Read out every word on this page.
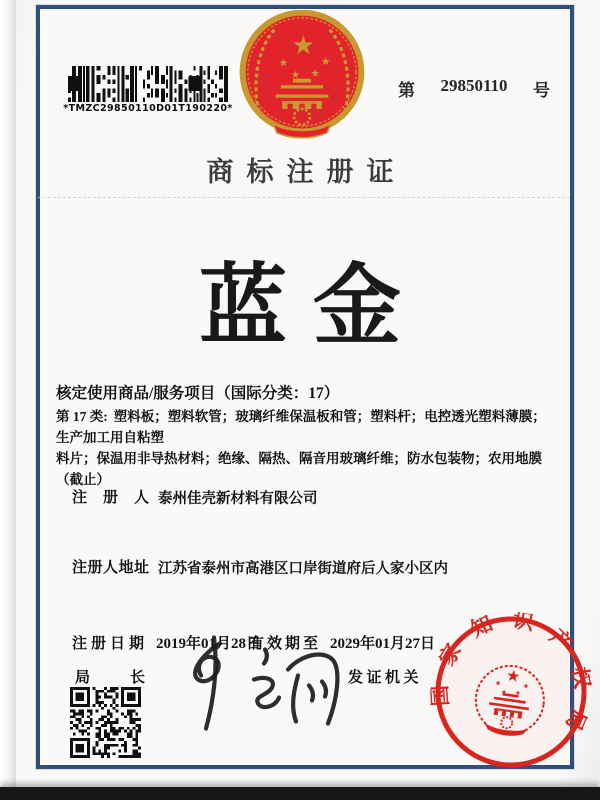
*TMZC29850110D01T190220*
第 29850110 号
商标注册证
蓝金
核定使用商品/服务项目（国际分类：17）
第 17 类: 塑料板；塑料软管；玻璃纤维保温板和管；塑料杆；电控透光塑料薄膜；生产加工用自粘塑
料片；保温用非导热材料；绝缘、隔热、隔音用玻璃纤维；防水包装物；农用地膜（截止）
注册人
泰州佳壳新材料有限公司
注册人地址 江苏省泰州市高港区口岸街道府后人家小区内
注册日期 2019年01月28日
有效期至 2029年01月27日
局长	发证机关
国家知识产权局
